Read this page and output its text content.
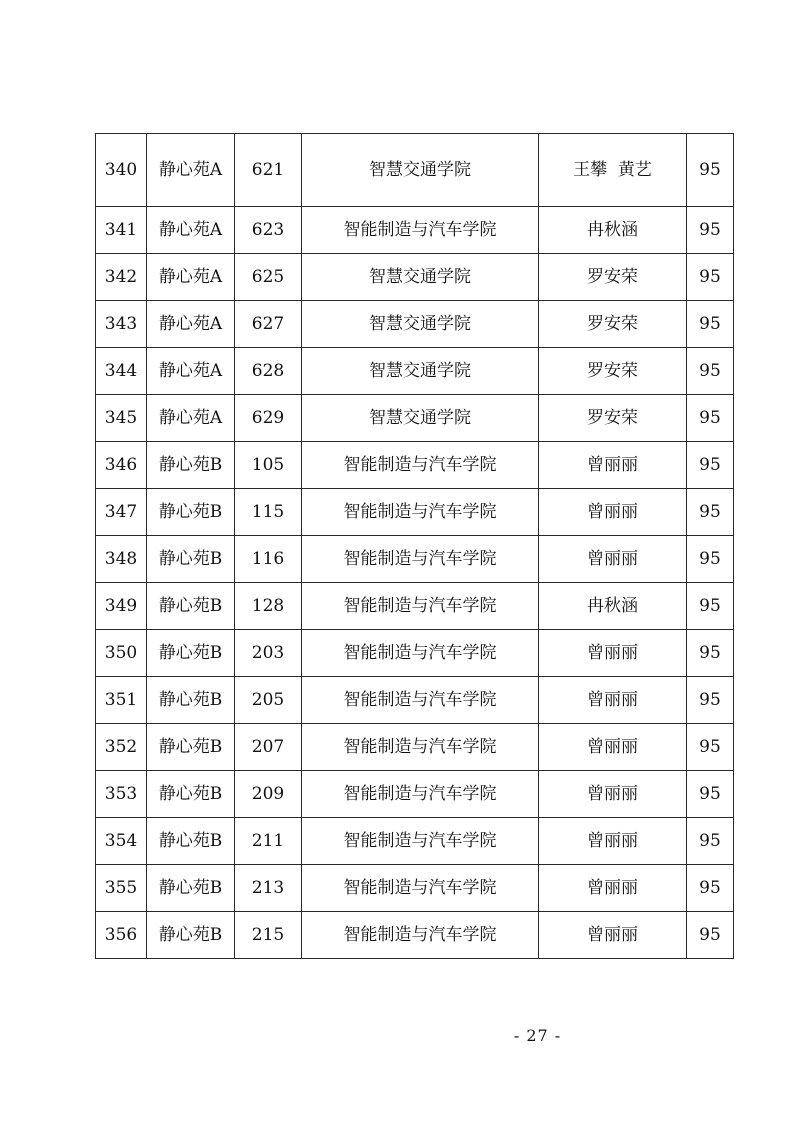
340	静心苑A	621	智慧交通学院	王攀  黄艺	95
341	静心苑A	623	智能制造与汽车学院	冉秋涵	95
342	静心苑A	625	智慧交通学院	罗安荣	95
343	静心苑A	627	智慧交通学院	罗安荣	95
344	静心苑A	628	智慧交通学院	罗安荣	95
345	静心苑A	629	智慧交通学院	罗安荣	95
346	静心苑B	105	智能制造与汽车学院	曾丽丽	95
347	静心苑B	115	智能制造与汽车学院	曾丽丽	95
348	静心苑B	116	智能制造与汽车学院	曾丽丽	95
349	静心苑B	128	智能制造与汽车学院	冉秋涵	95
350	静心苑B	203	智能制造与汽车学院	曾丽丽	95
351	静心苑B	205	智能制造与汽车学院	曾丽丽	95
352	静心苑B	207	智能制造与汽车学院	曾丽丽	95
353	静心苑B	209	智能制造与汽车学院	曾丽丽	95
354	静心苑B	211	智能制造与汽车学院	曾丽丽	95
355	静心苑B	213	智能制造与汽车学院	曾丽丽	95
356	静心苑B	215	智能制造与汽车学院	曾丽丽	95
- 27 -
